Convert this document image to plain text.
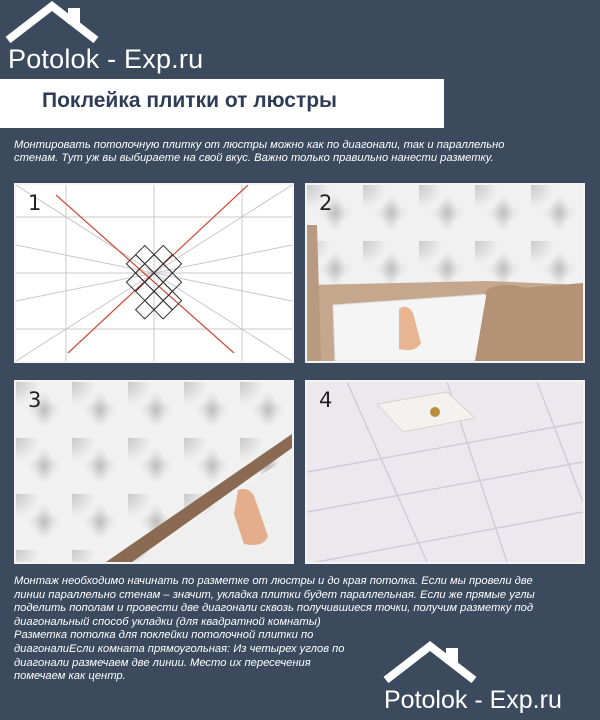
Potolok - Exp.ru
Поклейка плитки от люстры
Монтировать потолочную плитку от люстры можно как по диагонали, так и параллельно
стенам. Тут уж вы выбираете на свой вкус. Важно только правильно нанести разметку.
1	2
3	4

Монтаж необходимо начинать по разметке от люстры и до края потолка. Если мы провели две

линии параллельно стенам – значит, укладка плитки будет параллельная. Если же прямые углы

поделить пополам и провести две диагонали сквозь получившиеся точки, получим разметку под

диагональный способ укладки (для квадратной комнаты)

Разметка потолка для поклейки потолочной плитки по

диагоналиЕсли комната прямоугольная: Из четырех углов по

диагонали размечаем две линии. Место их пересечения

помечаем как центр.

Potolok - Exp.ru
